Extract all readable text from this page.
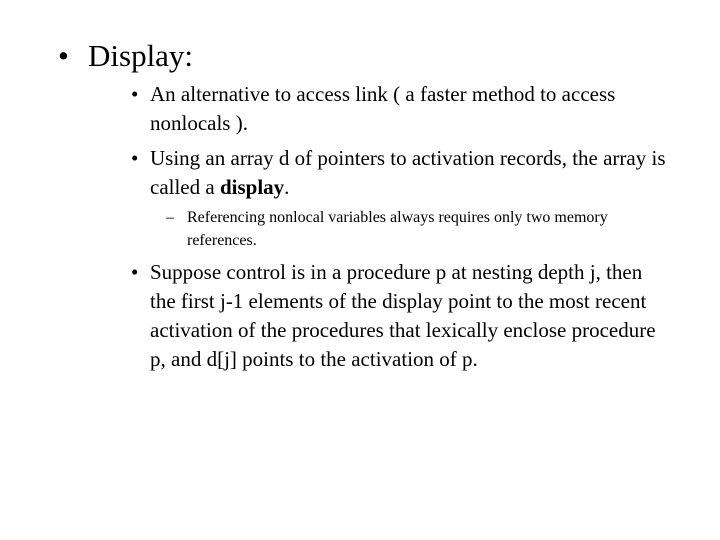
• Display:
• An alternative to access link ( a faster method to access nonlocals ).
• Using an array d of pointers to activation records, the array is called a display.
– Referencing nonlocal variables always requires only two memory references.
• Suppose control is in a procedure p at nesting depth j, then the first j-1 elements of the display point to the most recent activation of the procedures that lexically enclose procedure p, and d[j] points to the activation of p.
